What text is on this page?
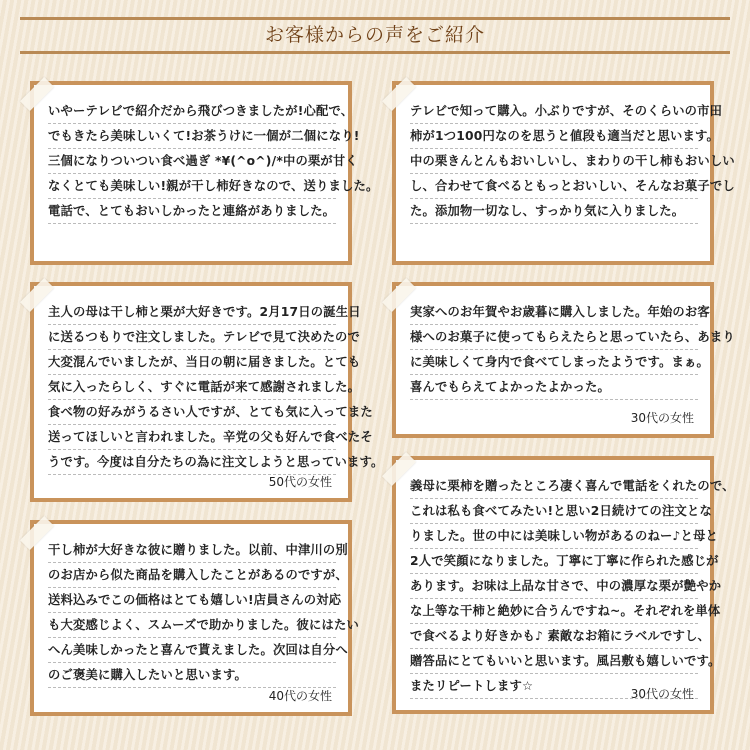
お客様からの声をご紹介
いやーテレビで紹介だから飛びつきましたが!心配で、
でもきたら美味しいくて!お茶うけに一個が二個になり!
三個になりついつい食べ過ぎ *¥(^o^)/*中の栗が甘く
なくとても美味しい!親が干し柿好きなので、送りました。
電話で、とてもおいしかったと連絡がありました。
テレビで知って購入。小ぶりですが、そのくらいの市田
柿が1つ100円なのを思うと値段も適当だと思います。
中の栗きんとんもおいしいし、まわりの干し柿もおいしい
し、合わせて食べるともっとおいしい、そんなお菓子でし
た。添加物一切なし、すっかり気に入りました。
主人の母は干し柿と栗が大好きです。2月17日の誕生日
に送るつもりで注文しました。テレビで見て決めたので
大変混んでいましたが、当日の朝に届きました。とても
気に入ったらしく、すぐに電話が来て感謝されました。
食べ物の好みがうるさい人ですが、とても気に入ってまた
送ってほしいと言われました。辛党の父も好んで食べたそ
うです。今度は自分たちの為に注文しようと思っています。
50代の女性
実家へのお年賀やお歳暮に購入しました。年始のお客
様へのお菓子に使ってもらえたらと思っていたら、あまり
に美味しくて身内で食べてしまったようです。まぁ。
喜んでもらえてよかったよかった。
30代の女性
干し柿が大好きな彼に贈りました。以前、中津川の別
のお店から似た商品を購入したことがあるのですが、
送料込みでこの価格はとても嬉しい!店員さんの対応
も大変感じよく、スムーズで助かりました。彼にはたい
へん美味しかったと喜んで貰えました。次回は自分へ
のご褒美に購入したいと思います。
40代の女性
義母に栗柿を贈ったところ凄く喜んで電話をくれたので、
これは私も食べてみたい!と思い2日続けての注文とな
りました。世の中には美味しい物があるのねー♪と母と
2人で笑顔になりました。丁寧に丁寧に作られた感じが
あります。お味は上品な甘さで、中の濃厚な栗が艶やか
な上等な干柿と絶妙に合うんですね~。それぞれを単体
で食べるより好きかも♪ 素敵なお箱にラベルですし、
贈答品にとてもいいと思います。風呂敷も嬉しいです。
またリピートします☆
30代の女性
